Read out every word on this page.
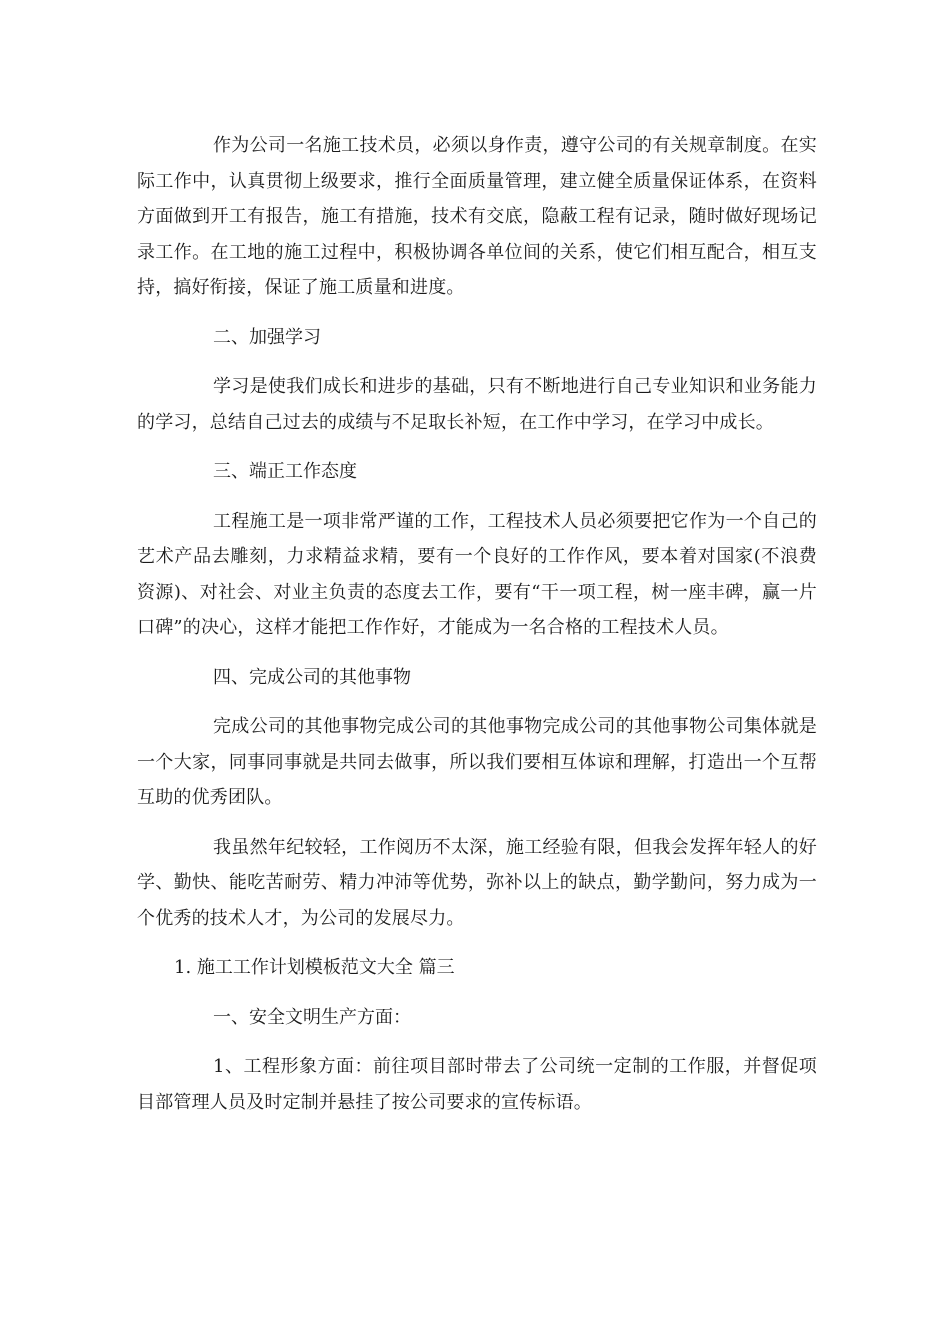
作为公司一名施工技术员，必须以身作责，遵守公司的有关规章制度。在实际工作中，认真贯彻上级要求，推行全面质量管理，建立健全质量保证体系，在资料方面做到开工有报告，施工有措施，技术有交底，隐蔽工程有记录，随时做好现场记录工作。在工地的施工过程中，积极协调各单位间的关系，使它们相互配合，相互支持，搞好衔接，保证了施工质量和进度。

二、加强学习

学习是使我们成长和进步的基础，只有不断地进行自己专业知识和业务能力的学习，总结自己过去的成绩与不足取长补短，在工作中学习，在学习中成长。

三、端正工作态度

工程施工是一项非常严谨的工作，工程技术人员必须要把它作为一个自己的艺术产品去雕刻，力求精益求精，要有一个良好的工作作风，要本着对国家(不浪费资源)、对社会、对业主负责的态度去工作，要有“干一项工程，树一座丰碑，赢一片口碑”的决心，这样才能把工作作好，才能成为一名合格的工程技术人员。

四、完成公司的其他事物

完成公司的其他事物完成公司的其他事物完成公司的其他事物公司集体就是一个大家，同事同事就是共同去做事，所以我们要相互体谅和理解，打造出一个互帮互助的优秀团队。

我虽然年纪较轻，工作阅历不太深，施工经验有限，但我会发挥年轻人的好学、勤快、能吃苦耐劳、精力冲沛等优势，弥补以上的缺点，勤学勤问，努力成为一个优秀的技术人才，为公司的发展尽力。

1. 施工工作计划模板范文大全 篇三

一、安全文明生产方面：

1、工程形象方面：前往项目部时带去了公司统一定制的工作服，并督促项目部管理人员及时定制并悬挂了按公司要求的宣传标语。
